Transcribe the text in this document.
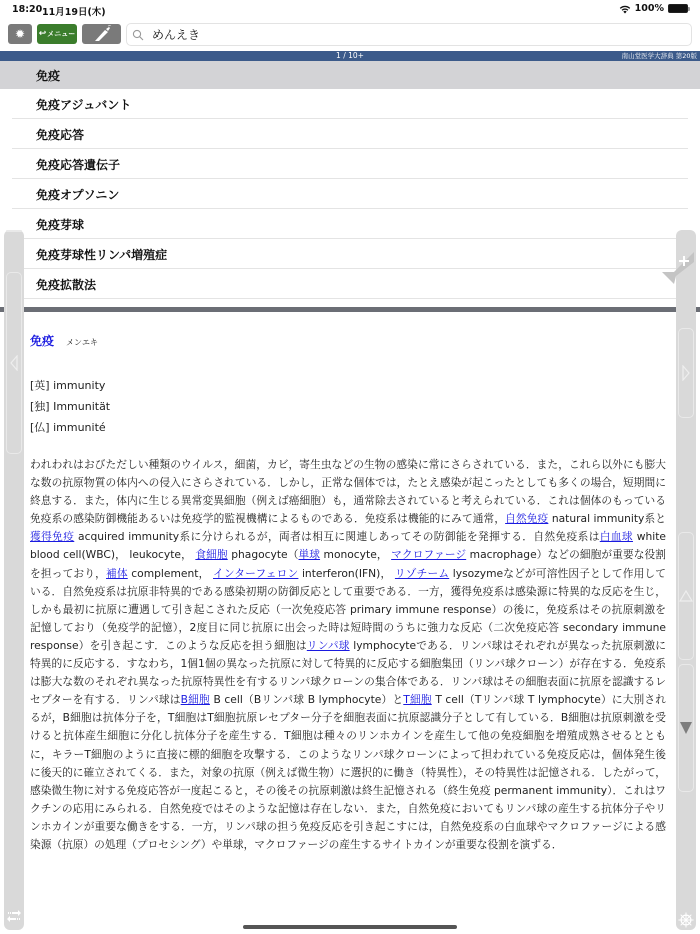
18:20 11月19日(木)	100%
✹ ↩ メニュー
めんえき
1 / 10+	南山堂医学大辞典 第20版
免疫
免疫アジュバント
免疫応答
免疫応答遺伝子
免疫オプソニン
免疫芽球
免疫芽球性リンパ増殖症
免疫拡散法
免疫 メンエキ
[英] immunity
[独] Immunität
[仏] immunité

われわれはおびただしい種類のウイルス，細菌，カビ，寄生虫などの生物の感染に常にさらされている．また，これら以外にも膨大な数の抗原物質の体内への侵入にさらされている．しかし，正常な個体では，たとえ感染が起こったとしても多くの場合，短期間に終息する．また，体内に生じる異常変異細胞（例えば癌細胞）も，通常除去されていると考えられている．これは個体のもっている免疫系の感染防御機能あるいは免疫学的監視機構によるものである．免疫系は機能的にみて通常，自然免疫 natural immunity系と獲得免疫 acquired immunity系に分けられるが，両者は相互に関連しあってその防御能を発揮する．自然免疫系は白血球 white blood cell(WBC)， leukocyte， 食細胞 phagocyte（単球 monocyte， マクロファージ macrophage）などの細胞が重要な役割を担っており，補体 complement， インターフェロン interferon(IFN)， リゾチーム lysozymeなどが可溶性因子として作用している．自然免疫系は抗原非特異的である感染初期の防御反応として重要である．一方，獲得免疫系は感染源に特異的な反応を生じ，しかも最初に抗原に遭遇して引き起こされた反応（一次免疫応答 primary immune response）の後に，免疫系はその抗原刺激を記憶しており（免疫学的記憶），2度目に同じ抗原に出会った時は短時間のうちに強力な反応（二次免疫応答 secondary immune response）を引き起こす．このような反応を担う細胞はリンパ球 lymphocyteである．リンパ球はそれぞれが異なった抗原刺激に特異的に反応する．すなわち，1個1個の異なった抗原に対して特異的に反応する細胞集団（リンパ球クローン）が存在する．免疫系は膨大な数のそれぞれ異なった抗原特異性を有するリンパ球クローンの集合体である．リンパ球はその細胞表面に抗原を認識するレセプターを有する．リンパ球はB細胞 B cell（Bリンパ球 B lymphocyte）とT細胞 T cell（Tリンパ球 T lymphocyte）に大別されるが，B細胞は抗体分子を，T細胞はT細胞抗原レセプター分子を細胞表面に抗原認識分子として有している．B細胞は抗原刺激を受けると抗体産生細胞に分化し抗体分子を産生する．T細胞は種々のリンホカインを産生して他の免疫細胞を増殖成熟させるとともに，キラーT細胞のように直接に標的細胞を攻撃する．このようなリンパ球クローンによって担われている免疫反応は，個体発生後に後天的に確立されてくる．また，対象の抗原（例えば微生物）に選択的に働き（特異性），その特異性は記憶される．したがって，感染微生物に対する免疫応答が一度起こると，その後その抗原刺激は終生記憶される（終生免疫 permanent immunity）．これはワクチンの応用にみられる．自然免疫ではそのような記憶は存在しない．また，自然免疫においてもリンパ球の産生する抗体分子やリンホカインが重要な働きをする．一方，リンパ球の担う免疫反応を引き起こすには，自然免疫系の白血球やマクロファージによる感染源（抗原）の処理（プロセシング）や単球，マクロファージの産生するサイトカインが重要な役割を演ずる．
